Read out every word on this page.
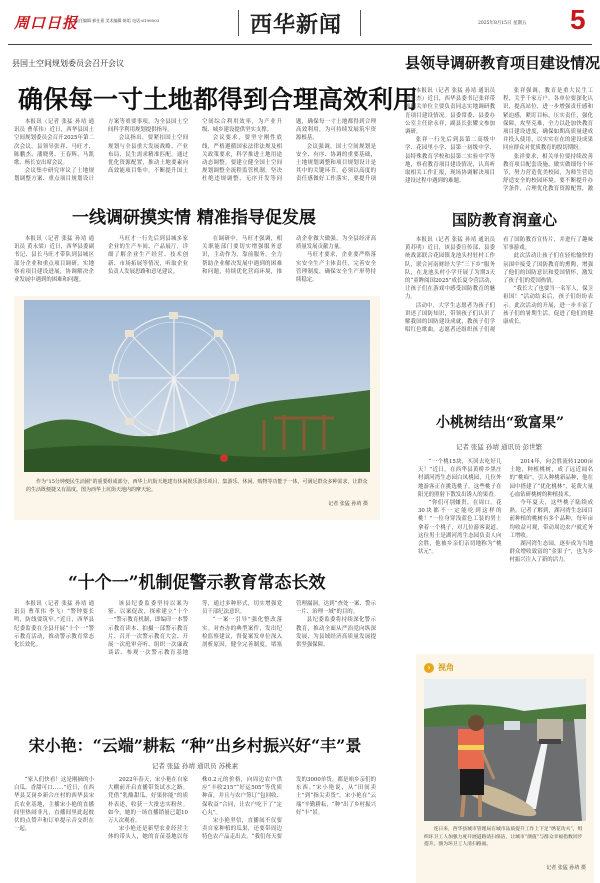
周口日报
责任编辑·郝仕嘉 美术编辑·陈垢 电话·6199503	西华新闻	2025年8月15日 星期五 5
县国土空间规划委员会召开会议
确保每一寸土地都得到合理高效利用

本报讯（记者 张猛 孙靖 通讯员 曹革伟）近日，西华县国土空间规划委员会召开2025年第二次会议。县领导张祥、马旺才、陈鹏杰、潘晓勇、王春辉、马凯歌、杨长安出席会议。

会议集中研究审议了土地规划调整方案、重点项目规划设计方案等重要事项，为全县国土空间科学利用规划提供指导。

会议指出，要紧扣国土空间规划与全县重大发展战略、产业布局、民生需求精准匹配。通过优化资源配置，推动土地要素向高效能项目集中，不断提升国土空间综合利用效率，为产业升级、城乡建设提供坚实支撑。

会议要求，要坚守刚性底线，严格遵循国家法律法规及相关政策要求，科学推进土地用途动态调整。要建立健全国土空间规划调整全流程监管机制，坚决杜绝违规调整、无序开发等问题，确保每一寸土地都得到合理高效利用，为可持续发展筑牢资源根基。

会议强调，国土空间规划是安全、有序、协调的重要基础，土地规划调整和项目规划设计是其中的关键环节。必须以高度的责任感做好工作落实，要提升项

一线调研摸实情 精准指导促发展

本报讯（记者 张猛 孙靖 通讯员 黄永梁）近日，西华县委副书记、县长马旺才带队到县城区部分企业和重点项目调研，实地察看项目建设进展，协调解决企业发展中遇到的困难和问题。

马旺才一行先后到县城多家企业的生产车间、产品展厅，详细了解企业生产经营、技术创新、市场拓展等情况，听取企业负责人发展思路和意见建议。

在调研中，马旺才强调，相关职能部门要切实增强服务意识，主动作为，靠前服务，全力帮助企业解决发展中遇到的困难和问题，持续优化营商环境，推动企业做大做强，为全县经济高质量发展贡献力量。

马旺才要求，企业要严格落实安全生产主体责任，完善安全管理制度，确保安全生产形势持续稳定。

作为“15分钟便民生活圈”的重要组成部分，西华上坑街天地建有休闲娱乐游乐项目，集游乐、休闲、购物等功能于一体，可满足群众多种需求，让群众的生活既便捷又有温度。图为西华上坑街天地内的摩天轮。
记者 张猛 孙靖 摄
“十个一”机制促警示教育常态长效

本报讯（记者 张猛 孙靖 通讯员 曹革伟 李飞）“警钟要长鸣，防线要筑牢。”近日，西华县纪委监委在全县开展“十个一”警示教育活动，推动警示教育常态化长效化。

该县纪委监委坚持以案为鉴、以案促改，探索建立“十个一”警示教育机制，即编印一本警示教育读本、拍摄一部警示教育片、召开一次警示教育大会、开展一次庭审旁听、组织一次廉政谈话、参观一次警示教育基地等，通过多种形式，切实增强党员干部纪法意识。

“一案一引导”强化整改落实。对查办的典型案件，发出纪检监察建议，督促案发单位深入剖析原因，健全完善制度，堵塞管理漏洞，达到“查处一案、警示一片、治理一域”的目的。

县纪委监委将持续深化警示教育，推动全面从严治党向纵深发展，为县域经济高质量发展提供坚强保障。

宋小艳：“云端”耕耘 “种”出乡村振兴好“丰”景
记者 张猛 孙靖 通讯员 苏桃素

“家人们快看！这是刚摘的小白瓜，香甜可口……”近日，在西华县艾岗乡新合庄村的西华县宋氏农业基地，主播宋小艳的直播间里热闹非凡，直播间里此起彼伏的点赞声和订单提示音交织在一起。

2022年春天，宋小艳在自家大棚前开启直播带货试水之路。凭借“乳酪甜瓜、好果你能”的质朴表述，收获一大批忠实粉丝。如今，她的一场直播销量已超10万人次观看。

宋小艳还是新型农业经营主体的带头人，她的育苗基地以每株0.2元的价格，向周边农户供应“丰收215”“好运505”等优质种苗，并且与农户签订“包回收、保收益”合同，让农户吃下了“定心丸”。

宋小艳坚信，直播间不仅要卖自家种植的瓜果，还要带周边特色农产品走出去。“我们每天要发的3000单货，都是咱乡亲们的东西。”宋小艳说，从“田间卖土”到“指尖卖货”，宋小艳在“云端”辛勤耕耘，“种”出了乡村振兴好“丰”景。

县领导调研教育项目建设情况

本报讯（记者 张猛 孙靖 通讯员 刘亚杰）近日，西华县委书记张祥带领相关单位主要负责同志实地调研教育项目建设情况。县委常委、县委办公室主任徐永祥，副县长张耀文参加调研。

张祥一行先后到县第二高级中学、花园里小学、县第一初级中学、县特殊教育学校和县第二实验中学等地，察看教育项目建设情况，认真听取相关工作汇报，现场协调解决项目建设过程中遇到的难题。

张祥强调，教育是重大民生工程，关乎千家万户。各单位要深化认识，提高站位，进一步增强责任感和紧迫感，紧盯目标，压实责任，强化保障，攻坚克难，全力以赴加快教育项目建设进度，确保如期高质量建成并投入使用，以实实在在的建设成果回应群众对优质教育的殷切期盼。

张祥要求，相关单位要持续改善教育项目配套设施，做实做细每个环节，努力营造优美校园，为师生营造舒适安全的校园环境。要不断提升办学条件，合理优化教育资源配置，激

国防教育润童心

本报讯（记者 张猛 孙靖 通讯员 黄苏明）近日，该县委宣传部、县委统战部联合花园镇龙池头村驻村工作队，联合河南财经大学“三下乡”服务队，在龙池头村小学开展了为期3天的“童眸阅国2025”成长夏令营活动，让孩子们在游戏中感受国防教育的魅力。

活动中，大学生志愿者为孩子们讲述了国防知识，带领孩子们认识了解我国的国防建设成就，教孩子们学唱红色歌曲。志愿者还组织孩子们观看了国防教育宣传片，并进行了趣味军事游戏。

此次活动让孩子们在轻松愉快的氛围中接受了国防教育的熏陶，增强了他们的国防意识和爱国情怀，激发了孩子们的爱国热情。

“我长大了也要当一名军人，保卫祖国！”活动结束后，孩子们纷纷表示。此次活动的开展，进一步丰富了孩子们的暑期生活，促进了他们的健康成长。

小桃树结出“致富果”
记者 张猛 孙靖 通讯员 彭世繁

“一个桃15块，买回去吃好几天！”近日，在西华县黄桥乡黑庄村湖河湾生态园白凤桃园，几位外地游客正在挑选桃子。这些桃子在阳光的照射下散发出诱人的果香。

“你们可别嫌贵，在周口，花30块都不一定能吃到这样的桃！”一位身穿浅蓝色工装的男士拿着一个桃子，对几位游客说道。这位男士是湖河湾生态园负责人向会胜，他被乡亲们亲切地称为“桃状元”。

2014年，向会胜流转1200亩土地，种植桃树，成了远近闻名的“桃痴”。引入种桃新品种，他在园中搭建了“优化桃林”，花费大量心血钻研桃树的种植技术。

今年夏天，这些桃子陆续成熟。记者了解到，湖河湾生态园目前种植的桃树有多个品种，每年亩均收益可观，带动周边农户就近务工增收。

湖河湾生态园，逐步成为当地群众增收致富的“金果子”，也为乡村振兴注入了新的活力。

› 视角
连日来，西华县城市管理局在城市品质提升工作上下足“绣花功夫”，组织环卫工人加强力度开展道路清扫保洁，让城市“颜值”与群众幸福指数同步提升。图为环卫工人清扫路面。
记者 张猛 孙靖 摄
